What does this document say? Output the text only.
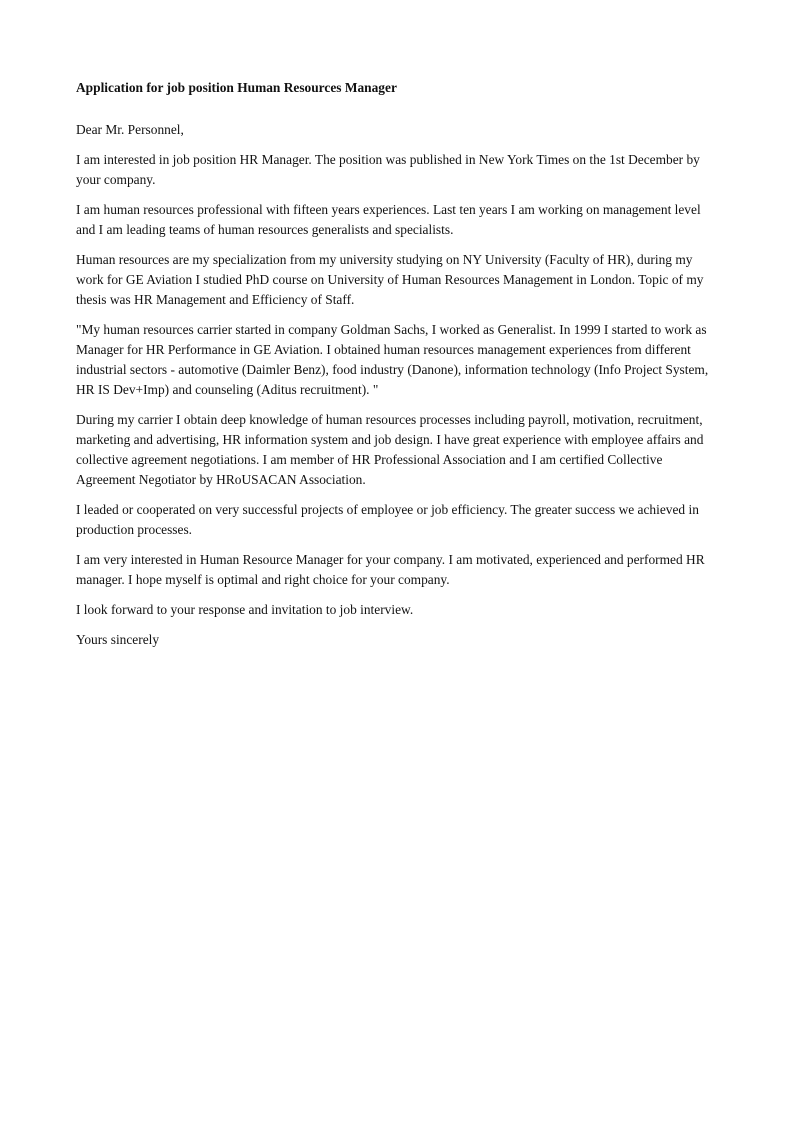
Application for job position Human Resources Manager
Dear Mr. Personnel,
I am interested in job position HR Manager. The position was published in New York Times on the 1st December by your company.
I am human resources professional with fifteen years experiences. Last ten years I am working on management level and I am leading teams of human resources generalists and specialists.
Human resources are my specialization from my university studying on NY University (Faculty of HR), during my work for GE Aviation I studied PhD course on University of Human Resources Management in London. Topic of my thesis was HR Management and Efficiency of Staff.
"My human resources carrier started in company Goldman Sachs, I worked as Generalist. In 1999 I started to work as Manager for HR Performance in GE Aviation. I obtained human resources management experiences from different industrial sectors - automotive (Daimler Benz), food industry (Danone), information technology (Info Project System, HR IS Dev+Imp) and counseling (Aditus recruitment). "
During my carrier I obtain deep knowledge of human resources processes including payroll, motivation, recruitment, marketing and advertising, HR information system and job design. I have great experience with employee affairs and collective agreement negotiations. I am member of HR Professional Association and I am certified Collective Agreement Negotiator by HRoUSACAN Association.
I leaded or cooperated on very successful projects of employee or job efficiency. The greater success we achieved in production processes.
I am very interested in Human Resource Manager for your company. I am motivated, experienced and performed HR manager. I hope myself is optimal and right choice for your company.
I look forward to your response and invitation to job interview.
Yours sincerely
